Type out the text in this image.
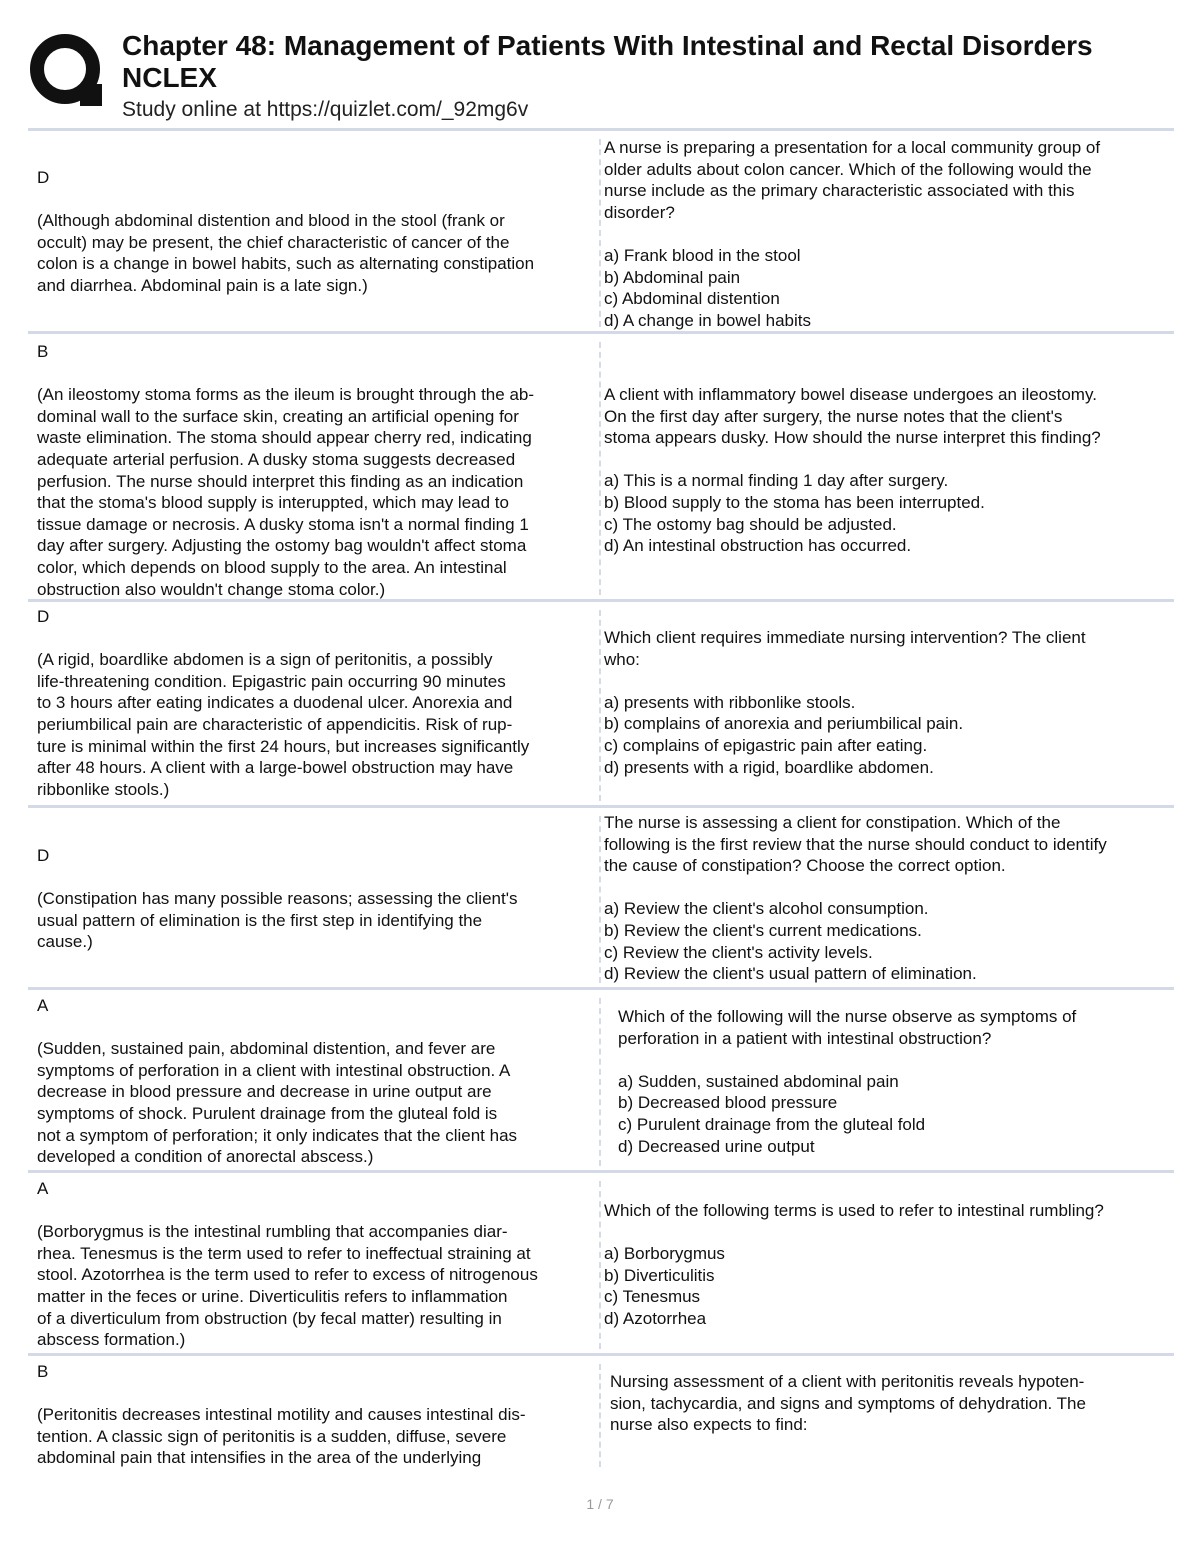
Chapter 48: Management of Patients With Intestinal and Rectal Disorders
NCLEX
Study online at https://quizlet.com/_92mg6v
D
(Although abdominal distention and blood in the stool (frank or
occult) may be present, the chief characteristic of cancer of the
colon is a change in bowel habits, such as alternating constipation
and diarrhea. Abdominal pain is a late sign.)
A nurse is preparing a presentation for a local community group of
older adults about colon cancer. Which of the following would the
nurse include as the primary characteristic associated with this
disorder?
a) Frank blood in the stool
b) Abdominal pain
c) Abdominal distention
d) A change in bowel habits
B
(An ileostomy stoma forms as the ileum is brought through the ab-
dominal wall to the surface skin, creating an artificial opening for
waste elimination. The stoma should appear cherry red, indicating
adequate arterial perfusion. A dusky stoma suggests decreased
perfusion. The nurse should interpret this finding as an indication
that the stoma's blood supply is interuppted, which may lead to
tissue damage or necrosis. A dusky stoma isn't a normal finding 1
day after surgery. Adjusting the ostomy bag wouldn't affect stoma
color, which depends on blood supply to the area. An intestinal
obstruction also wouldn't change stoma color.)
A client with inflammatory bowel disease undergoes an ileostomy.
On the first day after surgery, the nurse notes that the client's
stoma appears dusky. How should the nurse interpret this finding?
a) This is a normal finding 1 day after surgery.
b) Blood supply to the stoma has been interrupted.
c) The ostomy bag should be adjusted.
d) An intestinal obstruction has occurred.
D
(A rigid, boardlike abdomen is a sign of peritonitis, a possibly
life-threatening condition. Epigastric pain occurring 90 minutes
to 3 hours after eating indicates a duodenal ulcer. Anorexia and
periumbilical pain are characteristic of appendicitis. Risk of rup-
ture is minimal within the first 24 hours, but increases significantly
after 48 hours. A client with a large-bowel obstruction may have
ribbonlike stools.)
Which client requires immediate nursing intervention? The client
who:
a) presents with ribbonlike stools.
b) complains of anorexia and periumbilical pain.
c) complains of epigastric pain after eating.
d) presents with a rigid, boardlike abdomen.
D
(Constipation has many possible reasons; assessing the client's
usual pattern of elimination is the first step in identifying the
cause.)
The nurse is assessing a client for constipation. Which of the
following is the first review that the nurse should conduct to identify
the cause of constipation? Choose the correct option.
a) Review the client's alcohol consumption.
b) Review the client's current medications.
c) Review the client's activity levels.
d) Review the client's usual pattern of elimination.
A
(Sudden, sustained pain, abdominal distention, and fever are
symptoms of perforation in a client with intestinal obstruction. A
decrease in blood pressure and decrease in urine output are
symptoms of shock. Purulent drainage from the gluteal fold is
not a symptom of perforation; it only indicates that the client has
developed a condition of anorectal abscess.)
Which of the following will the nurse observe as symptoms of
perforation in a patient with intestinal obstruction?
a) Sudden, sustained abdominal pain
b) Decreased blood pressure
c) Purulent drainage from the gluteal fold
d) Decreased urine output
A
(Borborygmus is the intestinal rumbling that accompanies diar-
rhea. Tenesmus is the term used to refer to ineffectual straining at
stool. Azotorrhea is the term used to refer to excess of nitrogenous
matter in the feces or urine. Diverticulitis refers to inflammation
of a diverticulum from obstruction (by fecal matter) resulting in
abscess formation.)
Which of the following terms is used to refer to intestinal rumbling?
a) Borborygmus
b) Diverticulitis
c) Tenesmus
d) Azotorrhea
B
(Peritonitis decreases intestinal motility and causes intestinal dis-
tention. A classic sign of peritonitis is a sudden, diffuse, severe
abdominal pain that intensifies in the area of the underlying
Nursing assessment of a client with peritonitis reveals hypoten-
sion, tachycardia, and signs and symptoms of dehydration. The
nurse also expects to find:
1 / 7
